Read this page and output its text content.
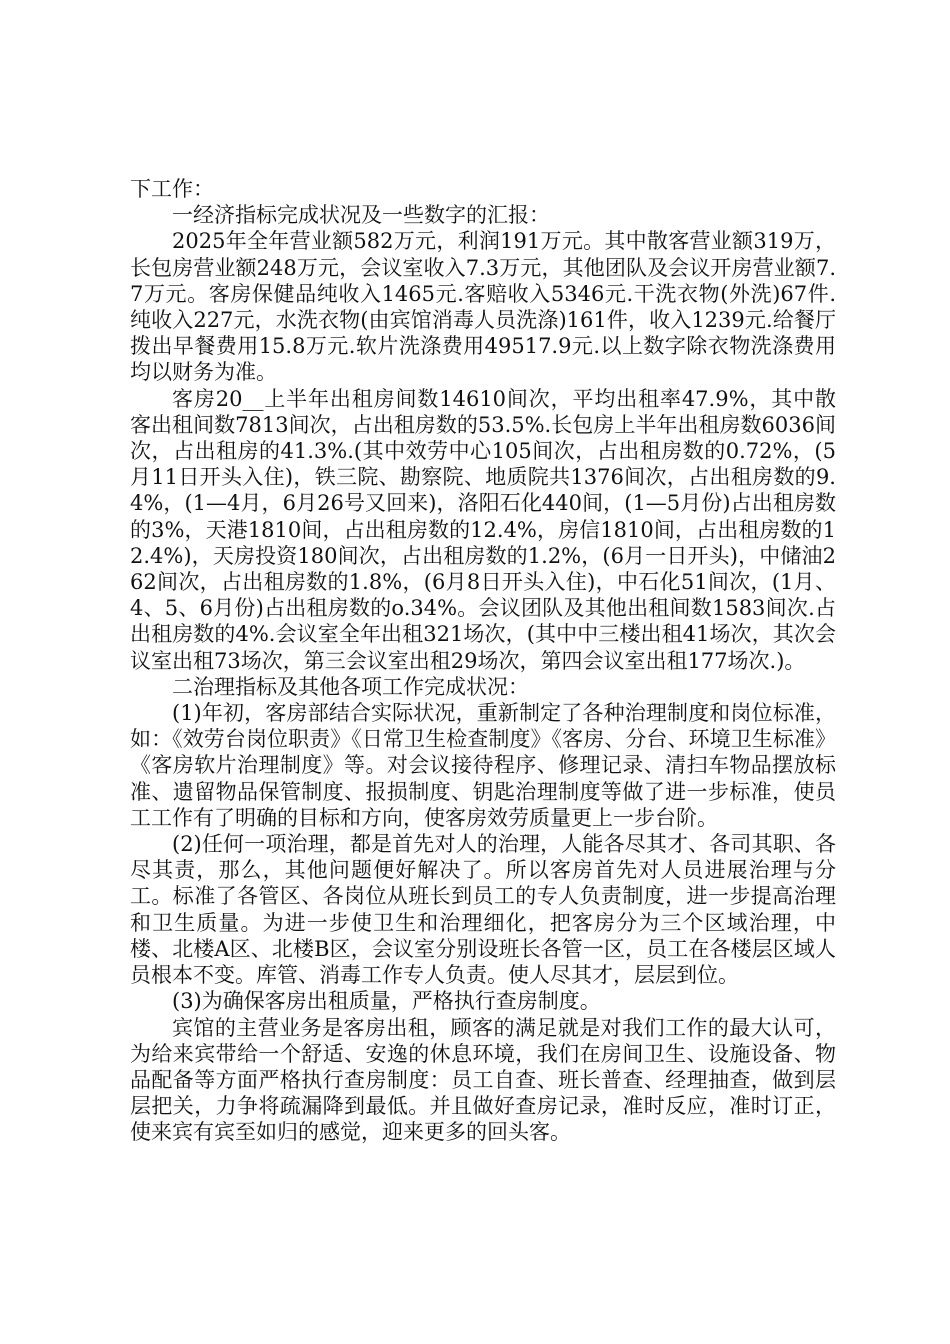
下工作：

一经济指标完成状况及一些数字的汇报：

2025年全年营业额582万元，利润191万元。其中散客营业额319万，长包房营业额248万元，会议室收入7.3万元，其他团队及会议开房营业额7.7万元。客房保健品纯收入1465元.客赔收入5346元.干洗衣物(外洗)67件.纯收入227元，水洗衣物(由宾馆消毒人员洗涤)161件，收入1239元.给餐厅拨出早餐费用15.8万元.软片洗涤费用49517.9元.以上数字除衣物洗涤费用均以财务为准。

客房20__上半年出租房间数14610间次，平均出租率47.9%，其中散客出租间数7813间次，占出租房数的53.5%.长包房上半年出租房数6036间次，占出租房的41.3%.(其中效劳中心105间次，占出租房数的0.72%，(5月11日开头入住)，铁三院、勘察院、地质院共1376间次，占出租房数的9.4%，(1—4月，6月26号又回来)，洛阳石化440间，(1—5月份)占出租房数的3%，天港1810间，占出租房数的12.4%，房信1810间，占出租房数的12.4%)，天房投资180间次，占出租房数的1.2%，(6月一日开头)，中储油262间次，占出租房数的1.8%，(6月8日开头入住)，中石化51间次，(1月、4、5、6月份)占出租房数的o.34%。会议团队及其他出租间数1583间次.占出租房数的4%.会议室全年出租321场次，(其中中三楼出租41场次，其次会议室出租73场次，第三会议室出租29场次，第四会议室出租177场次.)。

二治理指标及其他各项工作完成状况：

(1)年初，客房部结合实际状况，重新制定了各种治理制度和岗位标准，如：《效劳台岗位职责》《日常卫生检查制度》《客房、分台、环境卫生标准》《客房软片治理制度》等。对会议接待程序、修理记录、清扫车物品摆放标准、遗留物品保管制度、报损制度、钥匙治理制度等做了进一步标准，使员工工作有了明确的目标和方向，使客房效劳质量更上一步台阶。

(2)任何一项治理，都是首先对人的治理，人能各尽其才、各司其职、各尽其责，那么，其他问题便好解决了。所以客房首先对人员进展治理与分工。标准了各管区、各岗位从班长到员工的专人负责制度，进一步提高治理和卫生质量。为进一步使卫生和治理细化，把客房分为三个区域治理，中楼、北楼A区、北楼B区，会议室分别设班长各管一区，员工在各楼层区域人员根本不变。库管、消毒工作专人负责。使人尽其才，层层到位。

(3)为确保客房出租质量，严格执行查房制度。

宾馆的主营业务是客房出租，顾客的满足就是对我们工作的最大认可，为给来宾带给一个舒适、安逸的休息环境，我们在房间卫生、设施设备、物品配备等方面严格执行查房制度：员工自查、班长普查、经理抽查，做到层层把关，力争将疏漏降到最低。并且做好查房记录，准时反应，准时订正，使来宾有宾至如归的感觉，迎来更多的回头客。
